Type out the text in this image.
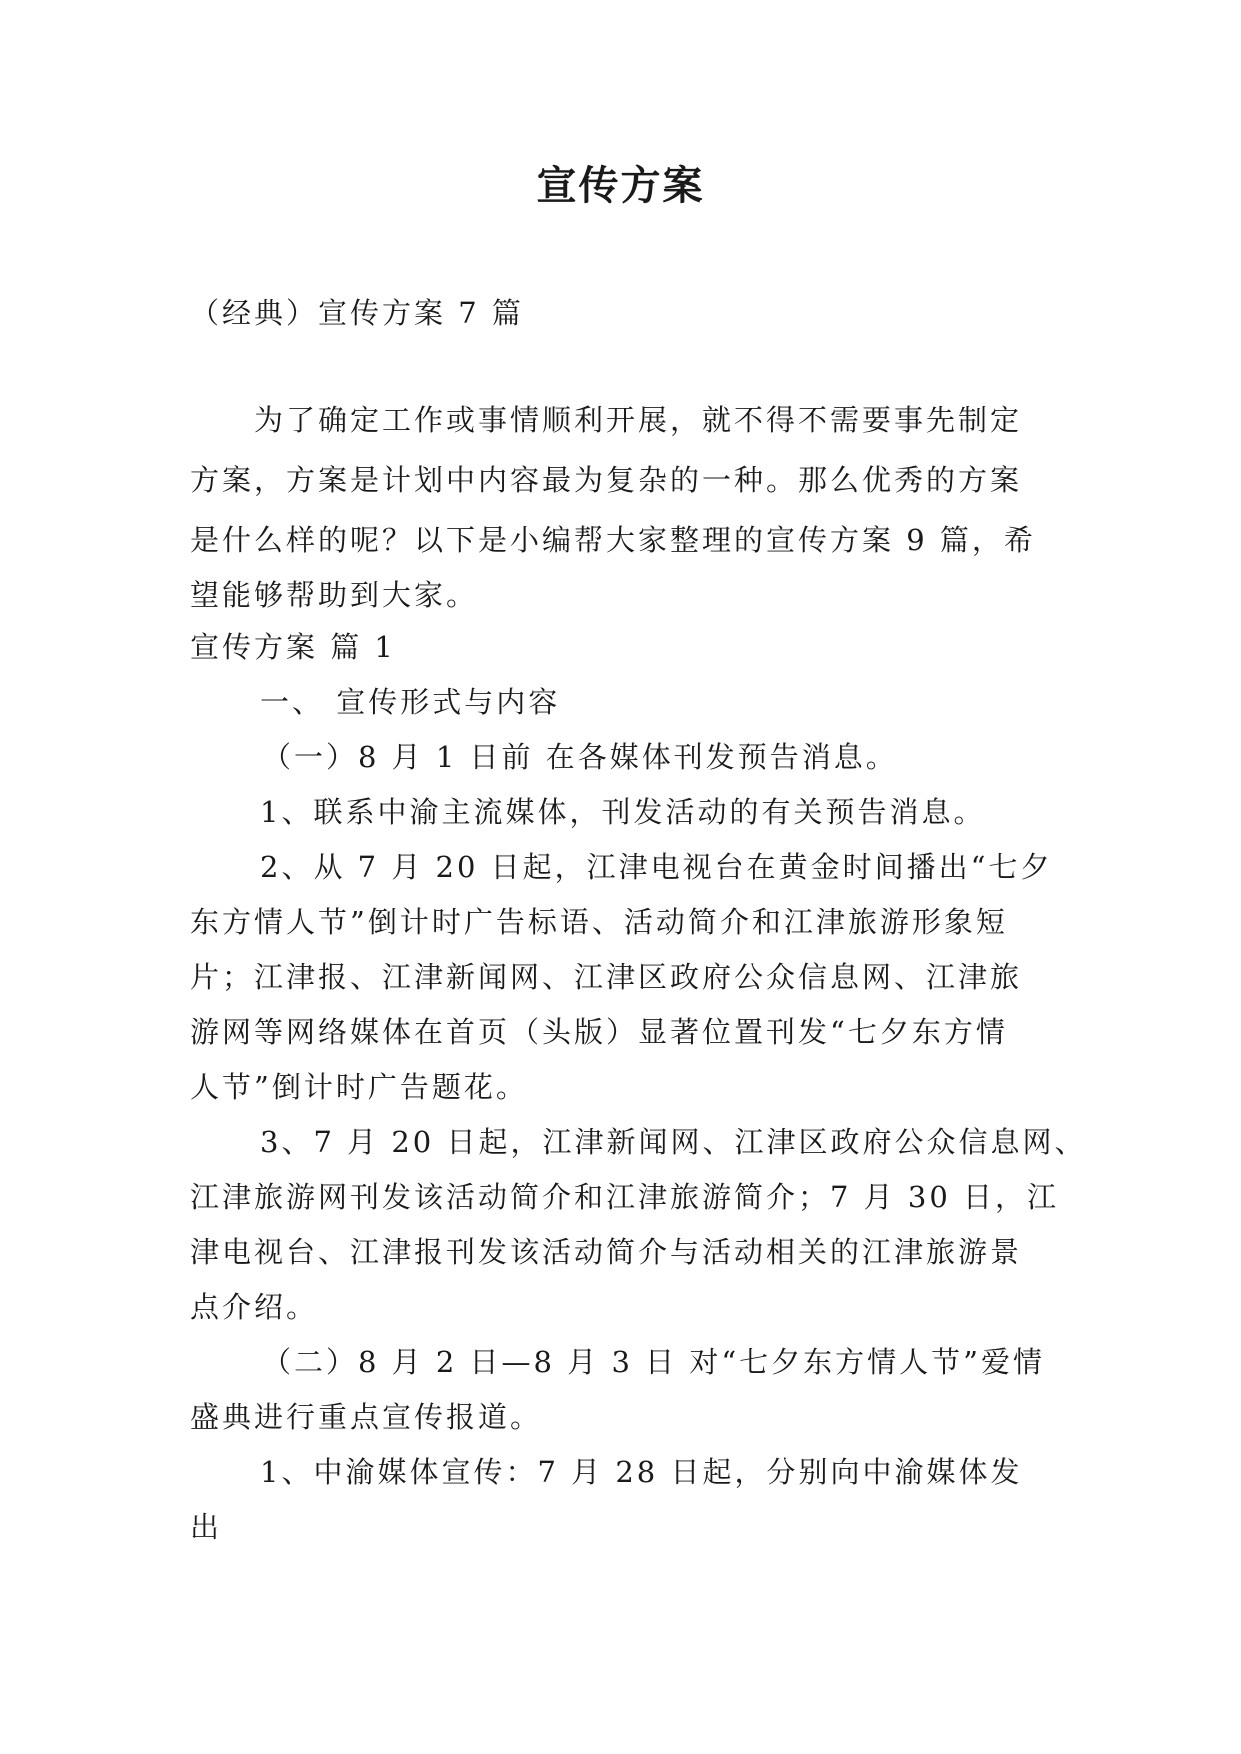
宣传方案
（经典）宣传方案 7 篇
为了确定工作或事情顺利开展，就不得不需要事先制定
方案，方案是计划中内容最为复杂的一种。那么优秀的方案
是什么样的呢？以下是小编帮大家整理的宣传方案 9 篇，希
望能够帮助到大家。
宣传方案 篇 1
一、 宣传形式与内容
（一）8 月 1 日前 在各媒体刊发预告消息。
1、联系中渝主流媒体，刊发活动的有关预告消息。
2、从 7 月 20 日起，江津电视台在黄金时间播出“七夕
东方情人节”倒计时广告标语、活动简介和江津旅游形象短
片；江津报、江津新闻网、江津区政府公众信息网、江津旅
游网等网络媒体在首页（头版）显著位置刊发“七夕东方情
人节”倒计时广告题花。
3、7 月 20 日起，江津新闻网、江津区政府公众信息网、
江津旅游网刊发该活动简介和江津旅游简介；7 月 30 日，江
津电视台、江津报刊发该活动简介与活动相关的江津旅游景
点介绍。
（二）8 月 2 日—8 月 3 日 对“七夕东方情人节”爱情
盛典进行重点宣传报道。
1、中渝媒体宣传：7 月 28 日起，分别向中渝媒体发出
